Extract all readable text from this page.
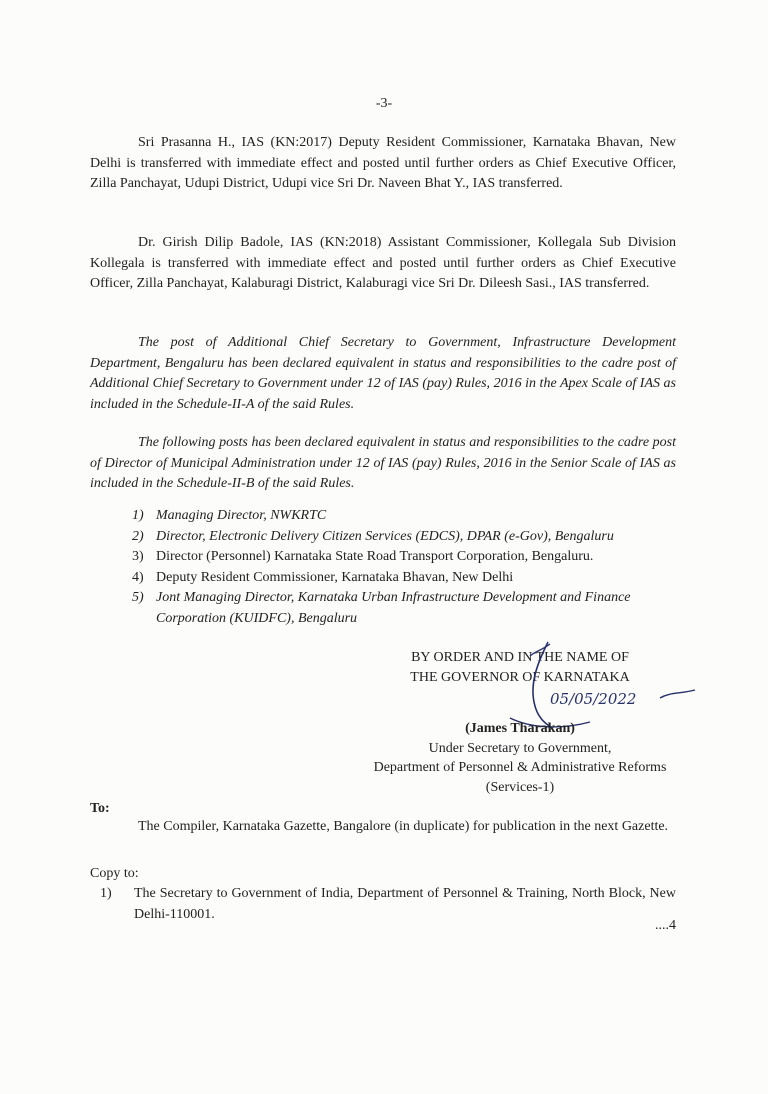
-3-

Sri Prasanna H., IAS (KN:2017) Deputy Resident Commissioner, Karnataka Bhavan, New Delhi is transferred with immediate effect and posted until further orders as Chief Executive Officer, Zilla Panchayat, Udupi District, Udupi vice Sri Dr. Naveen Bhat Y., IAS transferred.

Dr. Girish Dilip Badole, IAS (KN:2018) Assistant Commissioner, Kollegala Sub Division Kollegala is transferred with immediate effect and posted until further orders as Chief Executive Officer, Zilla Panchayat, Kalaburagi District, Kalaburagi vice Sri Dr. Dileesh Sasi., IAS transferred.

The post of Additional Chief Secretary to Government, Infrastructure Development Department, Bengaluru has been declared equivalent in status and responsibilities to the cadre post of Additional Chief Secretary to Government under 12 of IAS (pay) Rules, 2016 in the Apex Scale of IAS as included in the Schedule-II-A of the said Rules.

The following posts has been declared equivalent in status and responsibilities to the cadre post of Director of Municipal Administration under 12 of IAS (pay) Rules, 2016 in the Senior Scale of IAS as included in the Schedule-II-B of the said Rules.

1) Managing Director, NWKRTC
2) Director, Electronic Delivery Citizen Services (EDCS), DPAR (e-Gov), Bengaluru
3) Director (Personnel) Karnataka State Road Transport Corporation, Bengaluru.
4) Deputy Resident Commissioner, Karnataka Bhavan, New Delhi
5) Jont Managing Director, Karnataka Urban Infrastructure Development and Finance Corporation (KUIDFC), Bengaluru
BY ORDER AND IN THE NAME OF
THE GOVERNOR OF KARNATAKA
05/05/2022
(James Tharakan)
Under Secretary to Government,
Department of Personnel & Administrative Reforms
(Services-1)
To:

The Compiler, Karnataka Gazette, Bangalore (in duplicate) for publication in the next Gazette.

Copy to:
1)	The Secretary to Government of India, Department of Personnel & Training, North Block, New Delhi-110001.
....4
